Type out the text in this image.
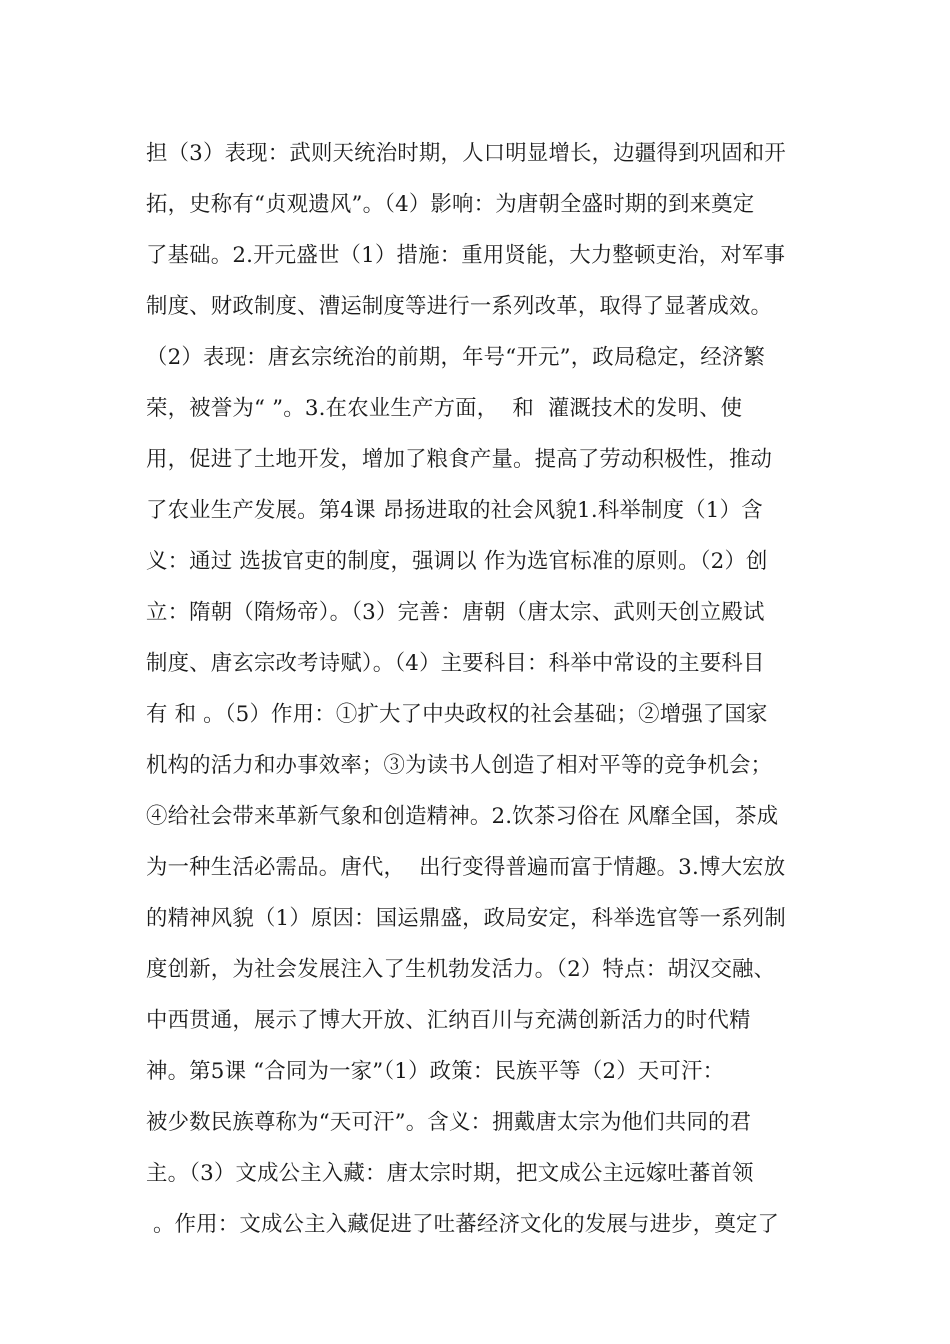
担（3）表现：武则天统治时期，人口明显增长，边疆得到巩固和开
拓，史称有“贞观遗风”。（4）影响：为唐朝全盛时期的到来奠定
了基础。2.开元盛世（1）措施：重用贤能，大力整顿吏治，对军事
制度、财政制度、漕运制度等进行一系列改革，取得了显著成效。
（2）表现：唐玄宗统治的前期，年号“开元”，政局稳定，经济繁
荣，被誉为“ ”。3.在农业生产方面，  和  灌溉技术的发明、使
用，促进了土地开发，增加了粮食产量。提高了劳动积极性，推动
了农业生产发展。第4课 昂扬进取的社会风貌1.科举制度（1）含
义：通过 选拔官吏的制度，强调以 作为选官标准的原则。（2）创
立：隋朝（隋炀帝）。（3）完善：唐朝（唐太宗、武则天创立殿试
制度、唐玄宗改考诗赋）。（4）主要科目：科举中常设的主要科目
有 和 。（5）作用：①扩大了中央政权的社会基础；②增强了国家
机构的活力和办事效率；③为读书人创造了相对平等的竞争机会；
④给社会带来革新气象和创造精神。2.饮茶习俗在 风靡全国，茶成
为一种生活必需品。唐代，  出行变得普遍而富于情趣。3.博大宏放
的精神风貌（1）原因：国运鼎盛，政局安定，科举选官等一系列制
度创新，为社会发展注入了生机勃发活力。（2）特点：胡汉交融、
中西贯通，展示了博大开放、汇纳百川与充满创新活力的时代精
神。第5课 “合同为一家”（1）政策：民族平等（2）天可汗：
被少数民族尊称为“天可汗”。含义：拥戴唐太宗为他们共同的君
主。（3）文成公主入藏：唐太宗时期，把文成公主远嫁吐蕃首领
。作用：文成公主入藏促进了吐蕃经济文化的发展与进步，奠定了
